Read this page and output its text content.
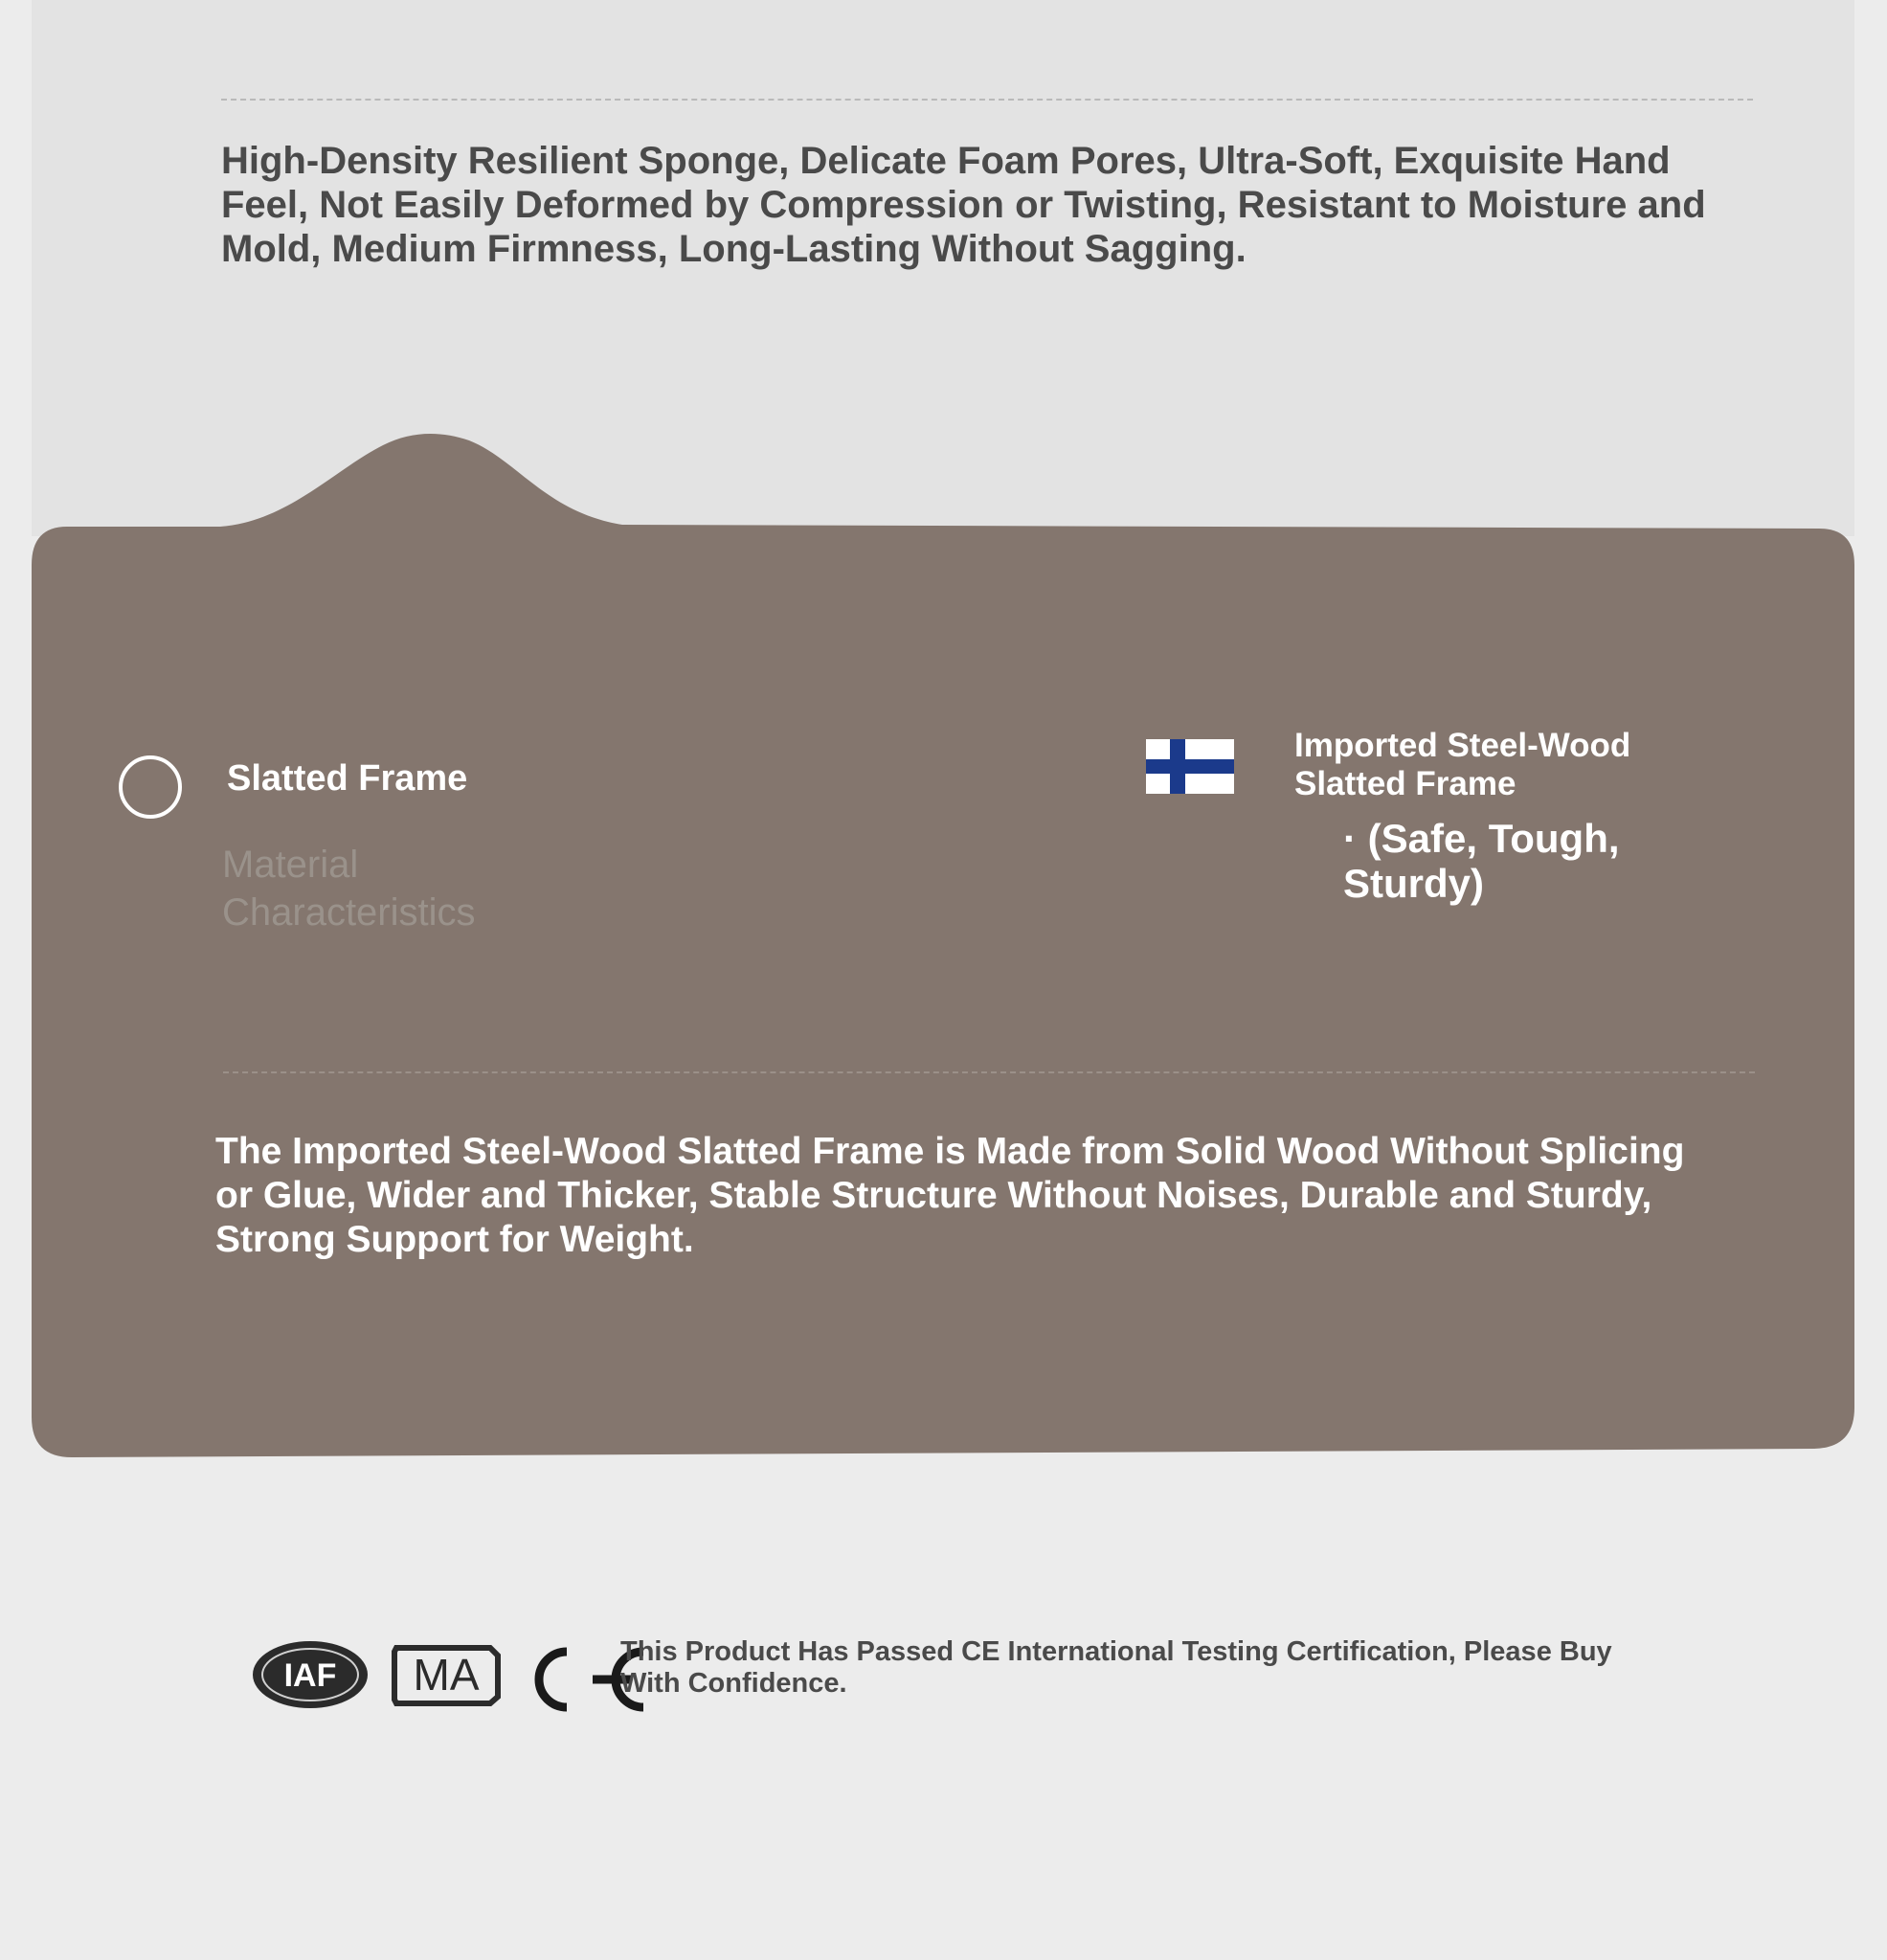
High-Density Resilient Sponge, Delicate Foam Pores, Ultra-Soft, Exquisite Hand Feel, Not Easily Deformed by Compression or Twisting, Resistant to Moisture and Mold, Medium Firmness, Long-Lasting Without Sagging.

Slatted Frame
Material Characteristics
Imported Steel-Wood Slatted Frame
· (Safe, Tough, Sturdy)
The Imported Steel-Wood Slatted Frame is Made from Solid Wood Without Splicing or Glue, Wider and Thicker, Stable Structure Without Noises, Durable and Sturdy, Strong Support for Weight.
IAF MA	This Product Has Passed CE International Testing Certification, Please Buy With Confidence.
